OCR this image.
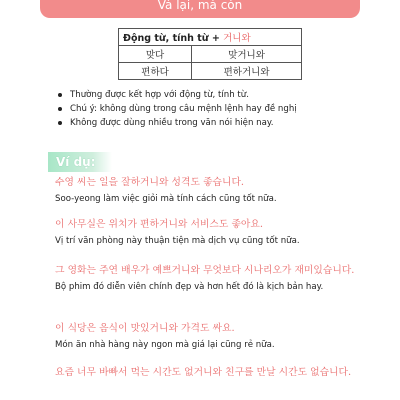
Và lại, mà còn
Động từ, tính từ + 거니와	
맞다	맞거니와
편하다	편하거니와
Thường được kết hợp với động từ, tính từ.
Chú ý: không dùng trong câu mệnh lệnh hay đề nghị
Không được dùng nhiều trong văn nói hiện nay.
Ví dụ:
수영 씨는 일을 잘하거니와 성격도 좋습니다.
Soo-yeong làm việc giỏi mà tính cách cũng tốt nữa.
이 사무실은 위치가 편하거니와 서비스도 좋아요.
Vị trí văn phòng này thuận tiện mà dịch vụ cũng tốt nữa.
그 영화는 주연 배우가 예쁘거니와 무엇보다 시나리오가 재미있습니다.
Bộ phim đó diễn viên chính đẹp và hơn hết đó là kịch bản hay.
이 식당은 음식이 맛있거니와 가격도 싸요.
Món ăn nhà hàng này ngon mà giá lại cũng rẻ nữa.
요즘 너무 바빠서 먹는 시간도 없거니와 친구를 만날 시간도 없습니다.
